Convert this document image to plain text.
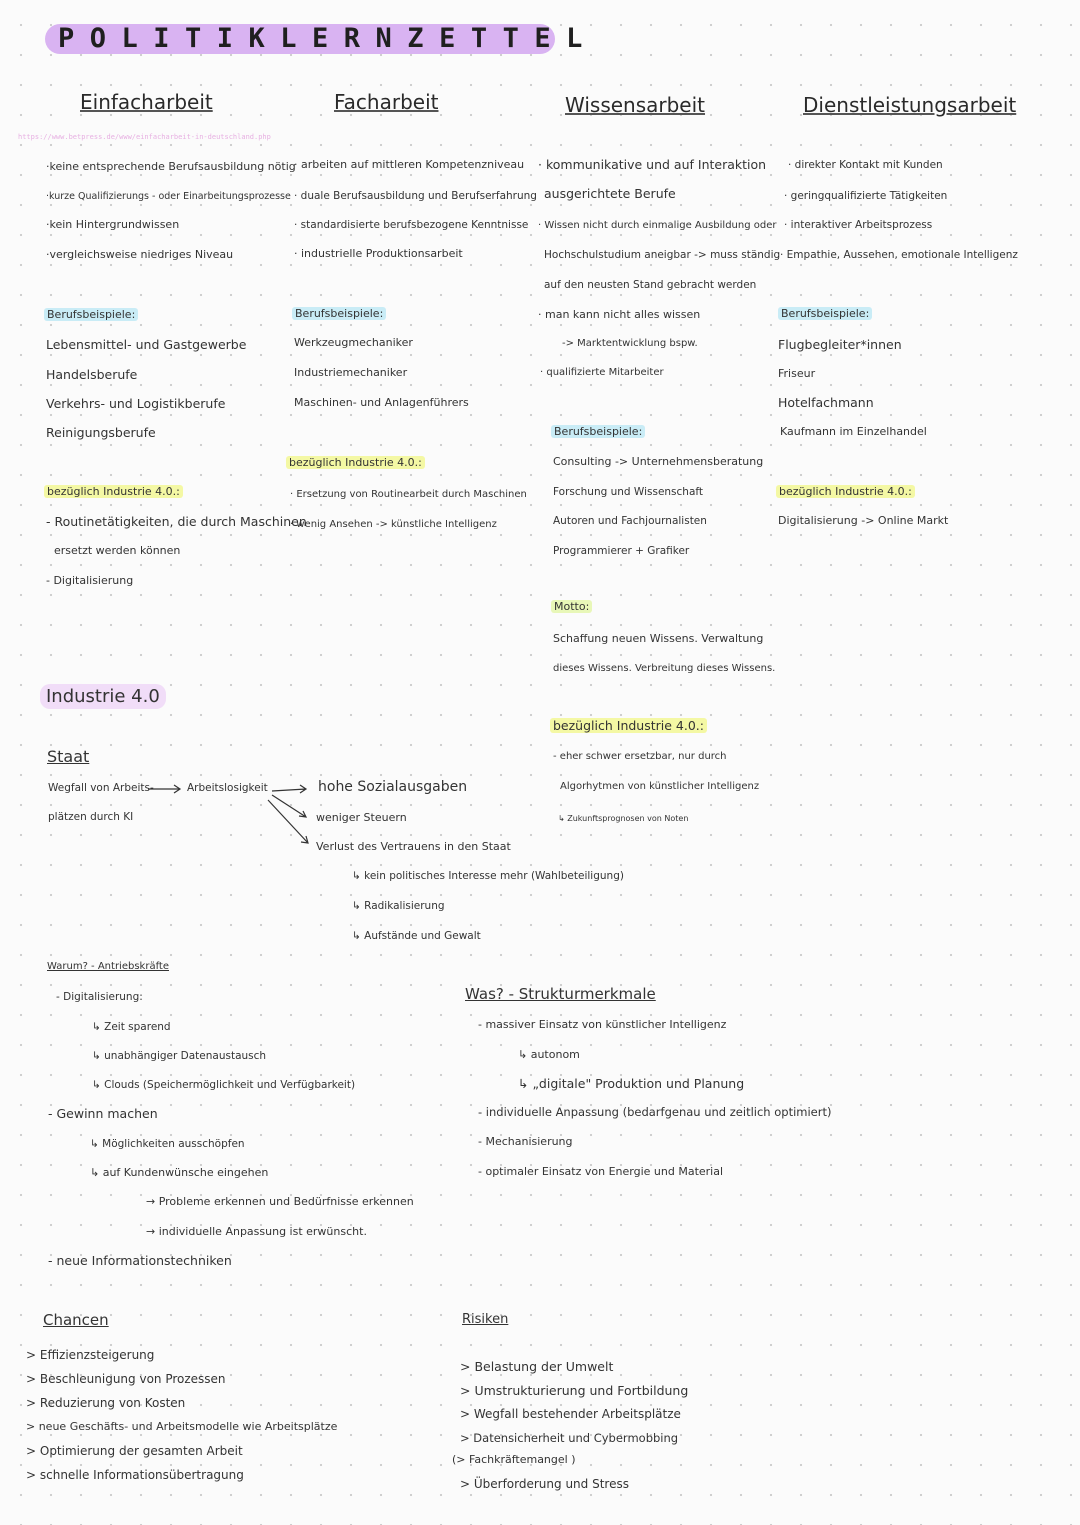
POLITIKLERNZETTEL
Einfacharbeit	Facharbeit	Wissensarbeit	Dienstleistungsarbeit
https://www.betpress.de/www/einfacharbeit-in-deutschland.php
·keine entsprechende Berufsausbildung nötig
·kurze Qualifizierungs - oder Einarbeitungsprozesse
·kein Hintergrundwissen
·vergleichsweise niedriges Niveau
Berufsbeispiele:
Lebensmittel- und Gastgewerbe
Handelsberufe
Verkehrs- und Logistikberufe
Reinigungsberufe
bezüglich Industrie 4.0.:
- Routinetätigkeiten, die durch Maschinen
ersetzt werden können
- Digitalisierung
· arbeiten auf mittleren Kompetenzniveau
· duale Berufsausbildung und Berufserfahrung
· standardisierte berufsbezogene Kenntnisse
· industrielle Produktionsarbeit
Berufsbeispiele:
Werkzeugmechaniker
Industriemechaniker
Maschinen- und Anlagenführers
bezüglich Industrie 4.0.:
· Ersetzung von Routinearbeit durch Maschinen
· wenig Ansehen -> künstliche Intelligenz
· kommunikative und auf Interaktion
ausgerichtete Berufe
· Wissen nicht durch einmalige Ausbildung oder
Hochschulstudium aneigbar -> muss ständig
auf den neusten Stand gebracht werden
· man kann nicht alles wissen
-> Marktentwicklung bspw.
· qualifizierte Mitarbeiter
Berufsbeispiele:
Consulting -> Unternehmensberatung
Forschung und Wissenschaft
Autoren und Fachjournalisten
Programmierer + Grafiker
Motto:
Schaffung neuen Wissens. Verwaltung
dieses Wissens. Verbreitung dieses Wissens.
bezüglich Industrie 4.0.:
- eher schwer ersetzbar, nur durch
Algorhytmen von künstlicher Intelligenz
↳ Zukunftsprognosen von Noten
· direkter Kontakt mit Kunden
· geringqualifizierte Tätigkeiten
· interaktiver Arbeitsprozess
· Empathie, Aussehen, emotionale Intelligenz
Berufsbeispiele:
Flugbegleiter*innen
Friseur
Hotelfachmann
Kaufmann im Einzelhandel
bezüglich Industrie 4.0.:
Digitalisierung -> Online Markt
Industrie 4.0
Staat
Wegfall von Arbeits-
plätzen durch KI
Arbeitslosigkeit	hohe Sozialausgaben
weniger Steuern
Verlust des Vertrauens in den Staat
↳ kein politisches Interesse mehr (Wahlbeteiligung)
↳ Radikalisierung
↳ Aufstände und Gewalt
Warum? - Antriebskräfte
- Digitalisierung:
↳ Zeit sparend
↳ unabhängiger Datenaustausch
↳ Clouds (Speichermöglichkeit und Verfügbarkeit)
- Gewinn machen
↳ Möglichkeiten ausschöpfen
↳ auf Kundenwünsche eingehen
→ Probleme erkennen und Bedürfnisse erkennen
→ individuelle Anpassung ist erwünscht.
- neue Informationstechniken
Was? - Strukturmerkmale
- massiver Einsatz von künstlicher Intelligenz
↳ autonom
↳ „digitale" Produktion und Planung
- individuelle Anpassung (bedarfgenau und zeitlich optimiert)
- Mechanisierung
- optimaler Einsatz von Energie und Material
Chancen
> Effizienzsteigerung
> Beschleunigung von Prozessen
> Reduzierung von Kosten
> neue Geschäfts- und Arbeitsmodelle wie Arbeitsplätze
> Optimierung der gesamten Arbeit
> schnelle Informationsübertragung
Risiken
> Belastung der Umwelt
> Umstrukturierung und Fortbildung
> Wegfall bestehender Arbeitsplätze
> Datensicherheit und Cybermobbing
(> Fachkräftemangel )
> Überforderung und Stress
